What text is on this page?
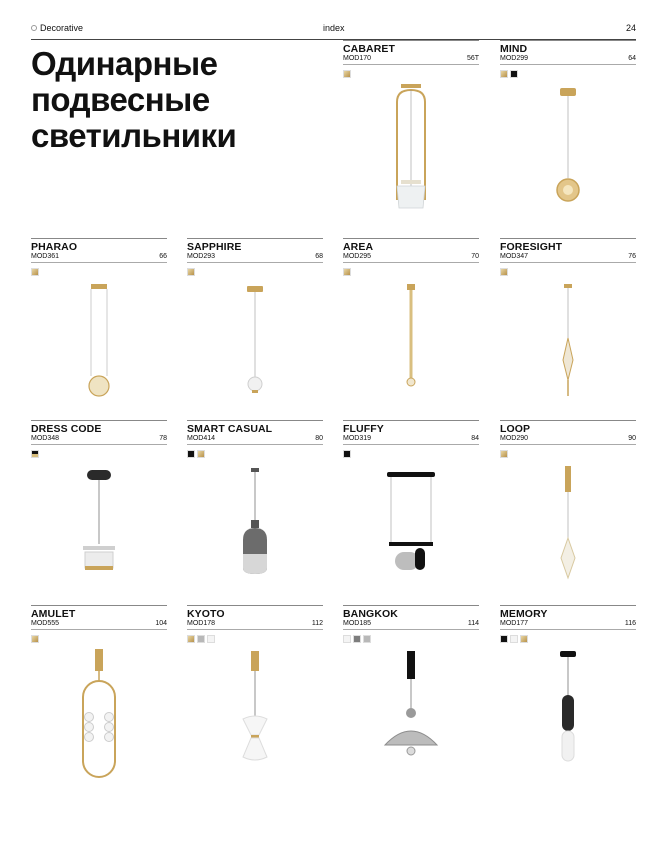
Decorative	index	24
Одинарные
подвесные
светильники
CABARET
MOD170	56Т
MIND
MOD299	64
PHARAO
MOD361	66
SAPPHIRE
MOD293	68
AREA
MOD295	70
FORESIGHT
MOD347	76
DRESS CODE
MOD348	78
SMART CASUAL
MOD414	80
FLUFFY
MOD319	84
LOOP
MOD290	90
AMULET
MOD555	104
KYOTO
MOD178	112
BANGKOK
MOD185	114
MEMORY
MOD177	116
